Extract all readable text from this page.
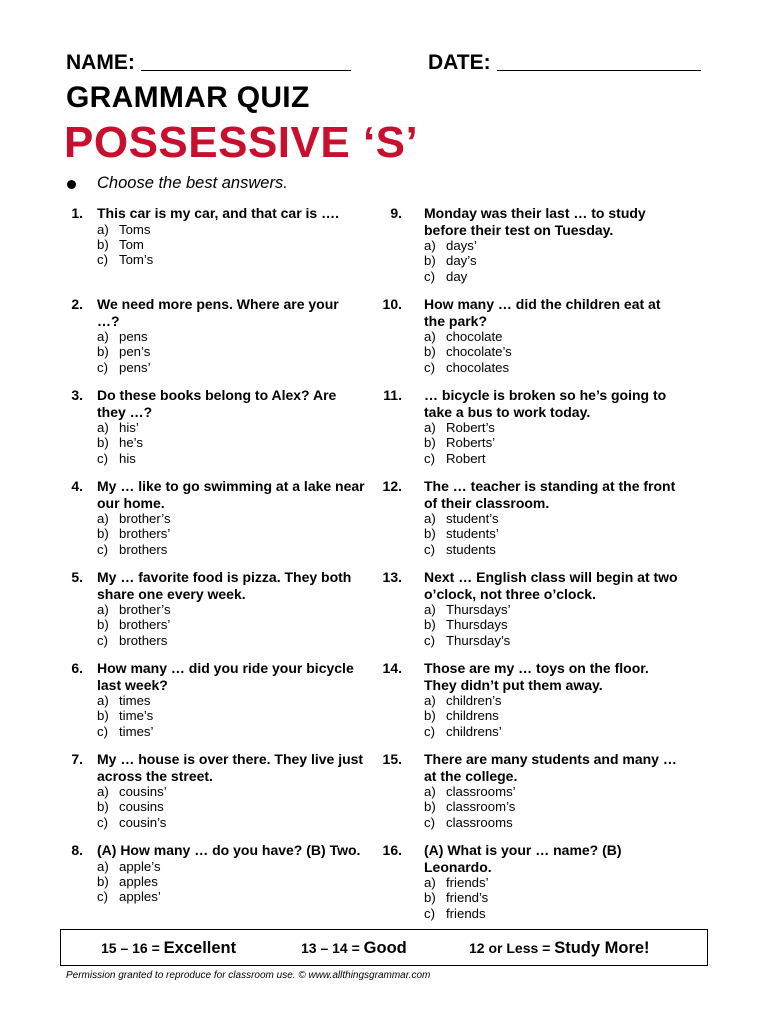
NAME:	DATE:
GRAMMAR QUIZ
POSSESSIVE ‘S’
Choose the best answers.
1. This car is my car, and that car is ….
a) Toms
b) Tom
c) Tom’s
2. We need more pens. Where are your …?
a) pens
b) pen’s
c) pens’
3. Do these books belong to Alex? Are they …?
a) his’
b) he’s
c) his
4. My … like to go swimming at a lake near our home.
a) brother’s
b) brothers’
c) brothers
5. My … favorite food is pizza. They both share one every week.
a) brother’s
b) brothers’
c) brothers
6. How many … did you ride your bicycle last week?
a) times
b) time’s
c) times’
7. My … house is over there. They live just across the street.
a) cousins’
b) cousins
c) cousin’s
8. (A) How many … do you have? (B) Two.
a) apple’s
b) apples
c) apples’
9. Monday was their last … to study before their test on Tuesday.
a) days’
b) day’s
c) day
10. How many … did the children eat at the park?
a) chocolate
b) chocolate’s
c) chocolates
11. … bicycle is broken so he’s going to take a bus to work today.
a) Robert’s
b) Roberts’
c) Robert
12. The … teacher is standing at the front of their classroom.
a) student’s
b) students’
c) students
13. Next … English class will begin at two o’clock, not three o’clock.
a) Thursdays’
b) Thursdays
c) Thursday’s
14. Those are my … toys on the floor. They didn’t put them away.
a) children’s
b) childrens
c) childrens’
15. There are many students and many … at the college.
a) classrooms’
b) classroom’s
c) classrooms
16. (A) What is your … name? (B) Leonardo.
a) friends’
b) friend’s
c) friends
15 – 16 = Excellent	13 – 14 = Good	12 or Less = Study More!
Permission granted to reproduce for classroom use. © www.allthingsgrammar.com
